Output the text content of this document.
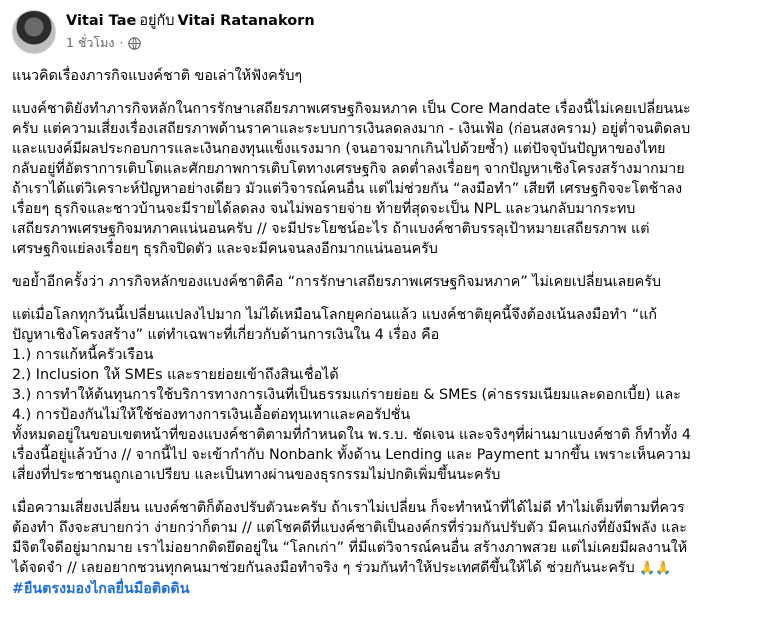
Vitai Tae อยู่กับ Vitai Ratanakorn
1 ชั่วโมง ·

แนวคิดเรื่องภารกิจแบงค์ชาติ ขอเล่าให้ฟังครับๆ

แบงค์ชาติยังทำภารกิจหลักในการรักษาเสถียรภาพเศรษฐกิจมหภาค เป็น Core Mandate เรื่องนี้ไม่เคยเปลี่ยนนะ

ครับ แต่ความเสี่ยงเรื่องเสถียรภาพด้านราคาและระบบการเงินลดลงมาก - เงินเฟ้อ (ก่อนสงคราม) อยู่ต่ำจนติดลบ

และแบงค์มีผลประกอบการและเงินกองทุนแข็งแรงมาก (จนอาจมากเกินไปด้วยซ้ำ) แต่ปัจจุบันปัญหาของไทย

กลับอยู่ที่อัตราการเติบโตและศักยภาพการเติบโตทางเศรษฐกิจ ลดต่ำลงเรื่อยๆ จากปัญหาเชิงโครงสร้างมากมาย

ถ้าเราได้แต่วิเคราะห์ปัญหาอย่างเดียว มัวแต่วิจารณ์คนอื่น แต่ไม่ช่วยกัน “ลงมือทำ” เสียที เศรษฐกิจจะโตช้าลง

เรื่อยๆ ธุรกิจและชาวบ้านจะมีรายได้ลดลง จนไม่พอรายจ่าย ท้ายที่สุดจะเป็น NPL และวนกลับมากระทบ

เสถียรภาพเศรษฐกิจมหภาคแน่นอนครับ // จะมีประโยชน์อะไร ถ้าแบงค์ชาติบรรลุเป้าหมายเสถียรภาพ แต่

เศรษฐกิจแย่ลงเรื่อยๆ ธุรกิจปิดตัว และจะมีคนจนลงอีกมากแน่นอนครับ

ขอย้ำอีกครั้งว่า ภารกิจหลักของแบงค์ชาติคือ “การรักษาเสถียรภาพเศรษฐกิจมหภาค” ไม่เคยเปลี่ยนเลยครับ

แต่เมื่อโลกทุกวันนี้เปลี่ยนแปลงไปมาก ไม่ได้เหมือนโลกยุคก่อนแล้ว แบงค์ชาติยุคนี้จึงต้องเน้นลงมือทำ “แก้

ปัญหาเชิงโครงสร้าง” แต่ทำเฉพาะที่เกี่ยวกับด้านการเงินใน 4 เรื่อง คือ

1.) การแก้หนี้ครัวเรือน

2.) Inclusion ให้ SMEs และรายย่อยเข้าถึงสินเชื่อได้

3.) การทำให้ต้นทุนการใช้บริการทางการเงินที่เป็นธรรมแก่รายย่อย & SMEs (ค่าธรรมเนียมและดอกเบี้ย) และ

4.) การป้องกันไม่ให้ใช้ช่องทางการเงินเอื้อต่อทุนเทาและคอรัปชั่น

ทั้งหมดอยู่ในขอบเขตหน้าที่ของแบงค์ชาติตามที่กำหนดใน พ.ร.บ. ชัดเจน และจริงๆที่ผ่านมาแบงค์ชาติ ก็ทำทั้ง 4

เรื่องนี้อยู่แล้วบ้าง // จากนี้ไป จะเข้ากำกับ Nonbank ทั้งด้าน Lending และ Payment มากขึ้น เพราะเห็นความ

เสี่ยงที่ประชาชนถูกเอาเปรียบ และเป็นทางผ่านของธุรกรรมไม่ปกติเพิ่มขึ้นนะครับ

เมื่อความเสี่ยงเปลี่ยน แบงค์ชาติก็ต้องปรับตัวนะครับ ถ้าเราไม่เปลี่ยน ก็จะทำหน้าที่ได้ไม่ดี ทำไม่เต็มที่ตามที่ควร

ต้องทำ ถึงจะสบายกว่า ง่ายกว่าก็ตาม // แต่โชคดีที่แบงค์ชาติเป็นองค์กรที่ร่วมกันปรับตัว มีคนเก่งที่ยังมีพลัง และ

มีจิตใจดีอยู่มากมาย เราไม่อยากติดยึดอยู่ใน “โลกเก่า” ที่มีแต่วิจารณ์คนอื่น สร้างภาพสวย แต่ไม่เคยมีผลงานให้

ได้จดจำ // เลยอยากชวนทุกคนมาช่วยกันลงมือทำจริง ๆ ร่วมกันทำให้ประเทศดีขึ้นให้ได้ ช่วยกันนะครับ 🙏🙏

#ยืนตรงมองไกลยื่นมือติดดิน
